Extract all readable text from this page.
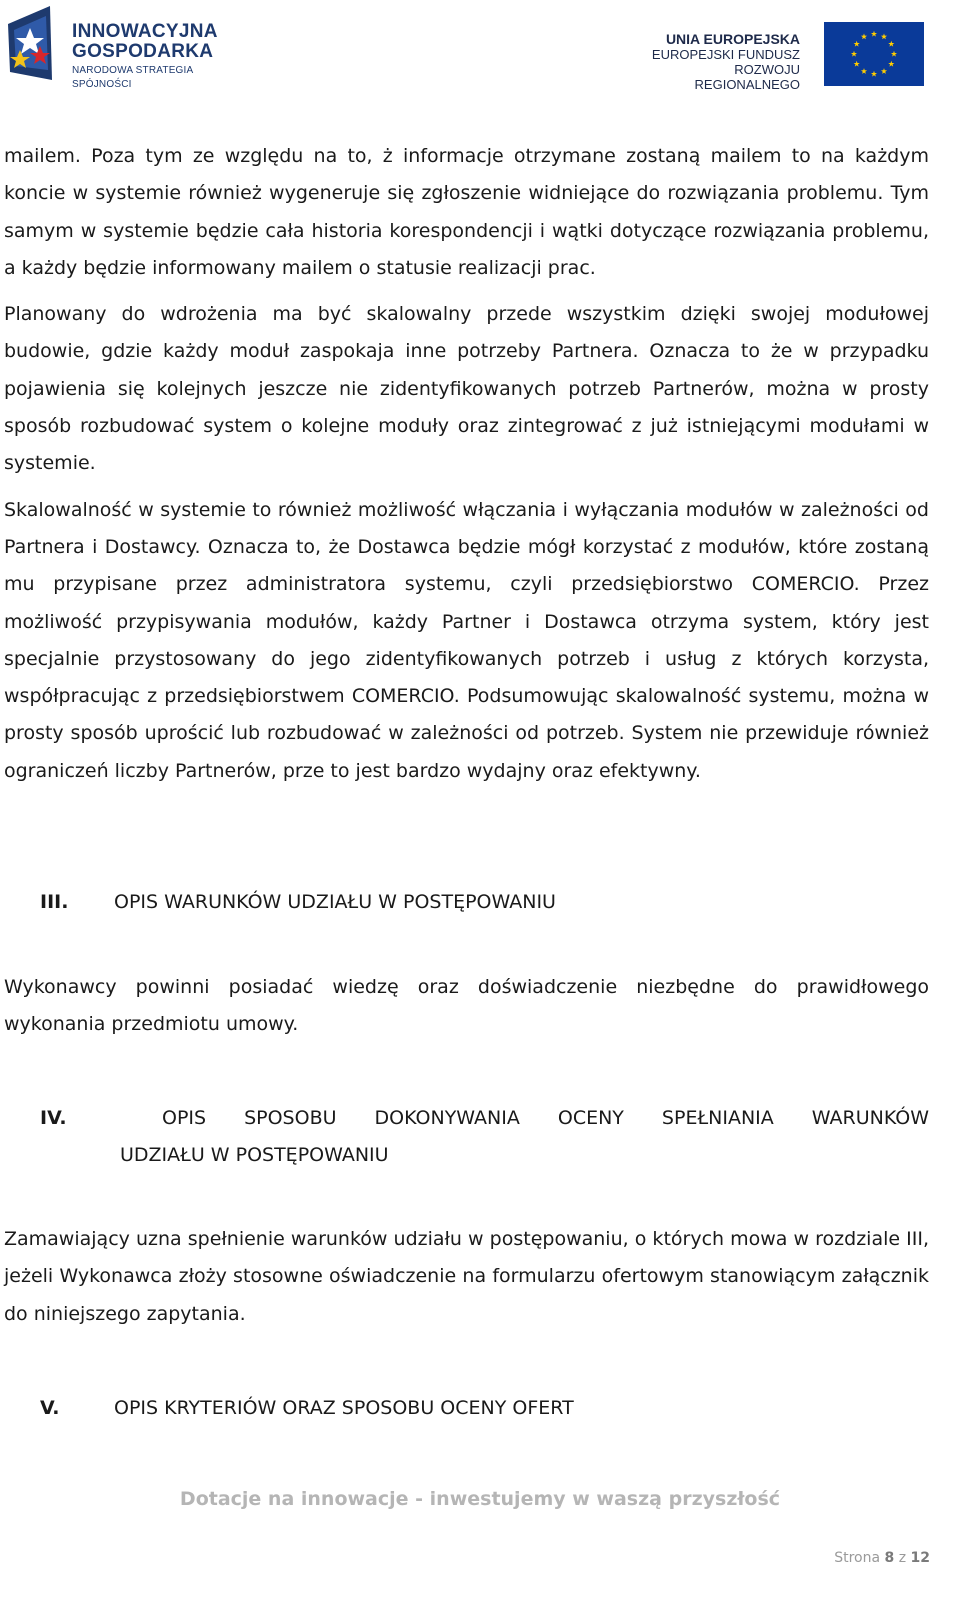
INNOWACYJNA
GOSPODARKA
NARODOWA STRATEGIA SPÓJNOŚCI
UNIA EUROPEJSKA
EUROPEJSKI FUNDUSZ
ROZWOJU REGIONALNEGO

mailem. Poza tym ze względu na to, ż informacje otrzymane zostaną mailem to na każdym koncie w systemie również wygeneruje się zgłoszenie widniejące do rozwiązania problemu. Tym samym w systemie będzie cała historia korespondencji i wątki dotyczące rozwiązania problemu, a każdy będzie informowany mailem o statusie realizacji prac.

Planowany do wdrożenia ma być skalowalny przede wszystkim dzięki swojej modułowej budowie, gdzie każdy moduł zaspokaja inne potrzeby Partnera. Oznacza to że w przypadku pojawienia się kolejnych jeszcze nie zidentyfikowanych potrzeb Partnerów, można w prosty sposób rozbudować system o kolejne moduły oraz zintegrować z już istniejącymi modułami w systemie.

Skalowalność w systemie to również możliwość włączania i wyłączania modułów w zależności od Partnera i Dostawcy. Oznacza to, że Dostawca będzie mógł korzystać z modułów, które zostaną mu przypisane przez administratora systemu, czyli przedsiębiorstwo COMERCIO. Przez możliwość przypisywania modułów, każdy Partner i Dostawca otrzyma system, który jest specjalnie przystosowany do jego zidentyfikowanych potrzeb i usług z których korzysta, współpracując z przedsiębiorstwem COMERCIO. Podsumowując skalowalność systemu, można w prosty sposób uprościć lub rozbudować w zależności od potrzeb. System nie przewiduje również ograniczeń liczby Partnerów, prze to jest bardzo wydajny oraz efektywny.

III. OPIS WARUNKÓW UDZIAŁU W POSTĘPOWANIU

Wykonawcy powinni posiadać wiedzę oraz doświadczenie niezbędne do prawidłowego wykonania przedmiotu umowy.

IV.	OPIS SPOSOBU DOKONYWANIA OCENY SPEŁNIANIA WARUNKÓW
UDZIAŁU W POSTĘPOWANIU

Zamawiający uzna spełnienie warunków udziału w postępowaniu, o których mowa w rozdziale III, jeżeli Wykonawca złoży stosowne oświadczenie na formularzu ofertowym stanowiącym załącznik do niniejszego zapytania.

V.	OPIS KRYTERIÓW ORAZ SPOSOBU OCENY OFERT
Dotacje na innowacje - inwestujemy w waszą przyszłość
Strona 8 z 12
